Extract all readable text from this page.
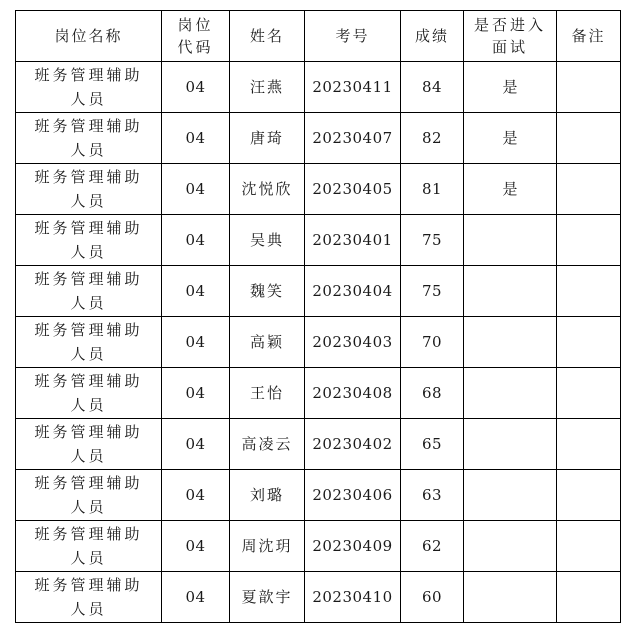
岗位名称	岗位代码	姓名	考号	成绩	是否进入面试	备注
班务管理辅助人员	04	汪燕	20230411	84	是	
班务管理辅助人员	04	唐琦	20230407	82	是	
班务管理辅助人员	04	沈悦欣	20230405	81	是	
班务管理辅助人员	04	吴典	20230401	75		
班务管理辅助人员	04	魏笑	20230404	75		
班务管理辅助人员	04	高颖	20230403	70		
班务管理辅助人员	04	王怡	20230408	68		
班务管理辅助人员	04	高凌云	20230402	65		
班务管理辅助人员	04	刘璐	20230406	63		
班务管理辅助人员	04	周沈玥	20230409	62		
班务管理辅助人员	04	夏歆宇	20230410	60		
